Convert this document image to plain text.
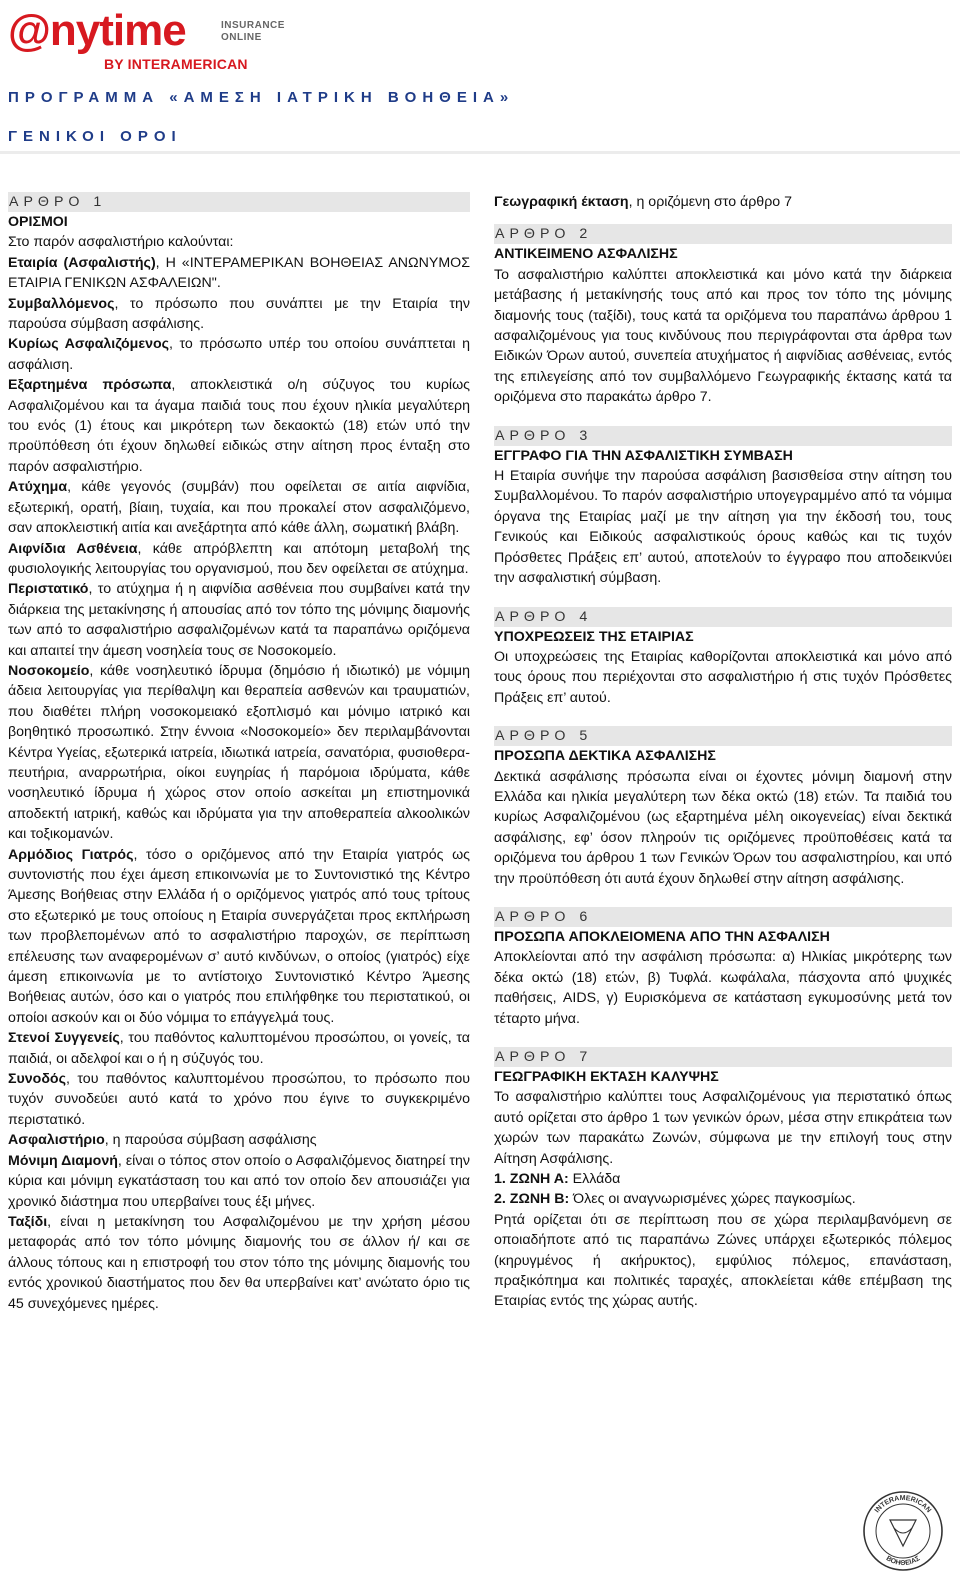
@nytime	INSURANCE
ONLINE
BY INTERAMERICAN
ΠΡΟΓΡΑΜΜΑ «ΑΜΕΣΗ ΙΑΤΡΙΚΗ ΒΟΗΘΕΙΑ»
ΓΕΝΙΚΟΙ ΟΡΟΙ

ΑΡΘΡΟ 1

ΟΡΙΣΜΟΙ

Στο παρόν ασφαλιστήριο καλούνται:

Εταιρία (Ασφαλιστής), Η «ΙΝΤΕΡΑΜΕΡΙΚΑΝ ΒΟΗΘΕΙΑΣ ΑΝΩΝΥΜΟΣ ΕΤΑΙΡΙΑ ΓΕΝΙΚΩΝ ΑΣΦΑΛΕΙΩΝ".

Συμβαλλόμενος, το πρόσωπο που συνάπτει με την Εταιρία την παρούσα σύμβαση ασφάλισης.

Κυρίως Ασφαλιζόμενος, το πρόσωπο υπέρ του οποίου συνάπτεται η ασφάλιση.

Εξαρτημένα πρόσωπα, αποκλειστικά ο/η σύζυγος του κυρίως Ασφαλιζομένου και τα άγαμα παιδιά τους που έχουν ηλικία μεγαλύτερη του ενός (1) έτους και μικρότερη των δεκαοκτώ (18) ετών υπό την προϋπόθεση ότι έχουν δηλωθεί ειδικώς στην αίτηση προς ένταξη στο παρόν ασφαλιστήριο.

Ατύχημα, κάθε γεγονός (συμβάν) που οφείλεται σε αιτία αιφνίδια, εξωτερική, ορατή, βίαιη, τυχαία, και που προκαλεί στον ασφαλιζόμενο, σαν αποκλειστική αιτία και ανεξάρτητα από κάθε άλλη, σωματική βλάβη.

Αιφνίδια Ασθένεια, κάθε απρόβλεπτη και απότομη μεταβολή της φυσιολογικής λειτουργίας του οργανισμού, που δεν οφείλεται σε ατύχημα.

Περιστατικό, το ατύχημα ή η αιφνίδια ασθένεια που συμβαίνει κατά την διάρκεια της μετακίνησης ή απουσίας από τον τόπο της μόνιμης διαμονής των από το ασφαλιστήριο ασφαλιζομένων κατά τα παραπάνω οριζόμενα και απαιτεί την άμεση νοσηλεία τους σε Νοσοκομείο.

Νοσοκομείο, κάθε νοσηλευτικό ίδρυμα (δημόσιο ή ιδιωτικό) με νόμιμη άδεια λειτουργίας για περίθαλψη και θεραπεία ασθενών και τραυματιών, που διαθέτει πλήρη νοσοκομειακό εξοπλισμό και μόνιμο ιατρικό και βοηθητικό προσωπικό. Στην έννοια «Νοσοκομείο» δεν περιλαμβάνονται Κέντρα Υγείας, εξωτερικά ιατρεία, ιδιωτικά ιατρεία, σανατόρια, φυσιοθερα-πευτήρια, αναρρωτήρια, οίκοι ευγηρίας ή παρόμοια ιδρύματα, κάθε νοσηλευτικό ίδρυμα ή χώρος στον οποίο ασκείται μη επιστημονικά αποδεκτή ιατρική, καθώς και ιδρύματα για την αποθεραπεία αλκοολικών και τοξικομανών.

Αρμόδιος Γιατρός, τόσο ο οριζόμενος από την Εταιρία γιατρός ως συντονιστής που έχει άμεση επικοινωνία με το Συντονιστικό της Κέντρο Άμεσης Βοήθειας στην Ελλάδα ή ο οριζόμενος γιατρός από τους τρίτους στο εξωτερικό με τους οποίους η Εταιρία συνεργάζεται προς εκπλήρωση των προβλεπομένων από το ασφαλιστήριο παροχών, σε περίπτωση επέλευσης των αναφερομένων σ’ αυτό κινδύνων, ο οποίος (γιατρός) είχε άμεση επικοινωνία με το αντίστοιχο Συντονιστικό Κέντρο Άμεσης Βοήθειας αυτών, όσο και ο γιατρός που επιλήφθηκε του περιστατικού, οι οποίοι ασκούν και οι δύο νόμιμα το επάγγελμά τους.

Στενοί Συγγενείς, του παθόντος καλυπτομένου προσώπου, οι γονείς, τα παιδιά, οι αδελφοί και ο ή η σύζυγός του.

Συνοδός, του παθόντος καλυπτομένου προσώπου, το πρόσωπο που τυχόν συνοδεύει αυτό κατά το χρόνο που έγινε το συγκεκριμένο περιστατικό.

Ασφαλιστήριο, η παρούσα σύμβαση ασφάλισης

Μόνιμη Διαμονή, είναι ο τόπος στον οποίο ο Ασφαλιζόμενος διατηρεί την κύρια και μόνιμη εγκατάσταση του και από τον οποίο δεν απουσιάζει για χρονικό διάστημα που υπερβαίνει τους έξι μήνες.

Ταξίδι, είναι η μετακίνηση του Ασφαλιζομένου με την χρήση μέσου μεταφοράς από τον τόπο μόνιμης διαμονής του σε άλλον ή/ και σε άλλους τόπους και η επιστροφή του στον τόπο της μόνιμης διαμονής του εντός χρονικού διαστήματος που δεν θα υπερβαίνει κατ’ ανώτατο όριο τις 45 συνεχόμενες ημέρες.

Γεωγραφική έκταση, η οριζόμενη στο άρθρο 7

ΑΡΘΡΟ 2

ΑΝΤΙΚΕΙΜΕΝΟ ΑΣΦΑΛΙΣΗΣ

Το ασφαλιστήριο καλύπτει αποκλειστικά και μόνο κατά την διάρκεια μετάβασης ή μετακίνησής τους από και προς τον τόπο της μόνιμης διαμονής τους (ταξίδι), τους κατά τα οριζόμενα του παραπάνω άρθρου 1 ασφαλιζομένους για τους κινδύνους που περιγράφονται στα άρθρα των Ειδικών Όρων αυτού, συνεπεία ατυχήματος ή αιφνίδιας ασθένειας, εντός της επιλεγείσης από τον συμβαλλόμενο Γεωγραφικής έκτασης κατά τα οριζόμενα στο παρακάτω άρθρο 7.

ΑΡΘΡΟ 3

ΕΓΓΡΑΦΟ ΓΙΑ ΤΗΝ ΑΣΦΑΛΙΣΤΙΚΗ ΣΥΜΒΑΣΗ

Η Εταιρία συνήψε την παρούσα ασφάλιση βασισθείσα στην αίτηση του Συμβαλλομένου. Το παρόν ασφαλιστήριο υπογεγραμμένο από τα νόμιμα όργανα της Εταιρίας μαζί με την αίτηση για την έκδοσή του, τους Γενικούς και Ειδικούς ασφαλιστικούς όρους καθώς και τις τυχόν Πρόσθετες Πράξεις επ’ αυτού, αποτελούν το έγγραφο που αποδεικνύει την ασφαλιστική σύμβαση.

ΑΡΘΡΟ 4

ΥΠΟΧΡΕΩΣΕΙΣ ΤΗΣ ΕΤΑΙΡΙΑΣ

Οι υποχρεώσεις της Εταιρίας καθορίζονται αποκλειστικά και μόνο από τους όρους που περιέχονται στο ασφαλιστήριο ή στις τυχόν Πρόσθετες Πράξεις επ’ αυτού.

ΑΡΘΡΟ 5

ΠΡΟΣΩΠΑ ΔΕΚΤΙΚΑ ΑΣΦΑΛΙΣΗΣ

Δεκτικά ασφάλισης πρόσωπα είναι οι έχοντες μόνιμη διαμονή στην Ελλάδα και ηλικία μεγαλύτερη των δέκα οκτώ (18) ετών. Τα παιδιά του κυρίως Ασφαλιζομένου (ως εξαρτημένα μέλη οικογενείας) είναι δεκτικά ασφάλισης, εφ’ όσον πληρούν τις οριζόμενες προϋποθέσεις κατά τα οριζόμενα του άρθρου 1 των Γενικών Όρων του ασφαλιστηρίου, και υπό την προϋπόθεση ότι αυτά έχουν δηλωθεί στην αίτηση ασφάλισης.

ΑΡΘΡΟ 6

ΠΡΟΣΩΠΑ ΑΠΟΚΛΕΙΟΜΕΝΑ ΑΠΟ ΤΗΝ ΑΣΦΑΛΙΣΗ

Αποκλείονται από την ασφάλιση πρόσωπα: α) Ηλικίας μικρότερης των δέκα οκτώ (18) ετών, β) Τυφλά. κωφάλαλα, πάσχοντα από ψυχικές παθήσεις, AIDS, γ) Ευρισκόμενα σε κατάσταση εγκυμοσύνης μετά τον τέταρτο μήνα.

ΑΡΘΡΟ 7

ΓΕΩΓΡΑΦΙΚΗ ΕΚΤΑΣΗ ΚΑΛΥΨΗΣ

Το ασφαλιστήριο καλύπτει τους Ασφαλιζομένους για περιστατικό όπως αυτό ορίζεται στο άρθρο 1 των γενικών όρων, μέσα στην επικράτεια των χωρών των παρακάτω Ζωνών, σύμφωνα με την επιλογή τους στην Αίτηση Ασφάλισης.

1. ΖΩΝΗ Α: Ελλάδα

2. ΖΩΝΗ Β: Όλες οι αναγνωρισμένες χώρες παγκοσμίως.

Ρητά ορίζεται ότι σε περίπτωση που σε χώρα περιλαμβανόμενη σε οποιαδήποτε από τις παραπάνω Ζώνες υπάρχει εξωτερικός πόλεμος (κηρυγμένος ή ακήρυκτος), εμφύλιος πόλεμος, επανάσταση, πραξικόπημα και πολιτικές ταραχές, αποκλείεται κάθε επέμβαση της Εταιρίας εντός της χώρας αυτής.

INTERAMERICAN
ΒΟΗΘΕΙΑΣ
